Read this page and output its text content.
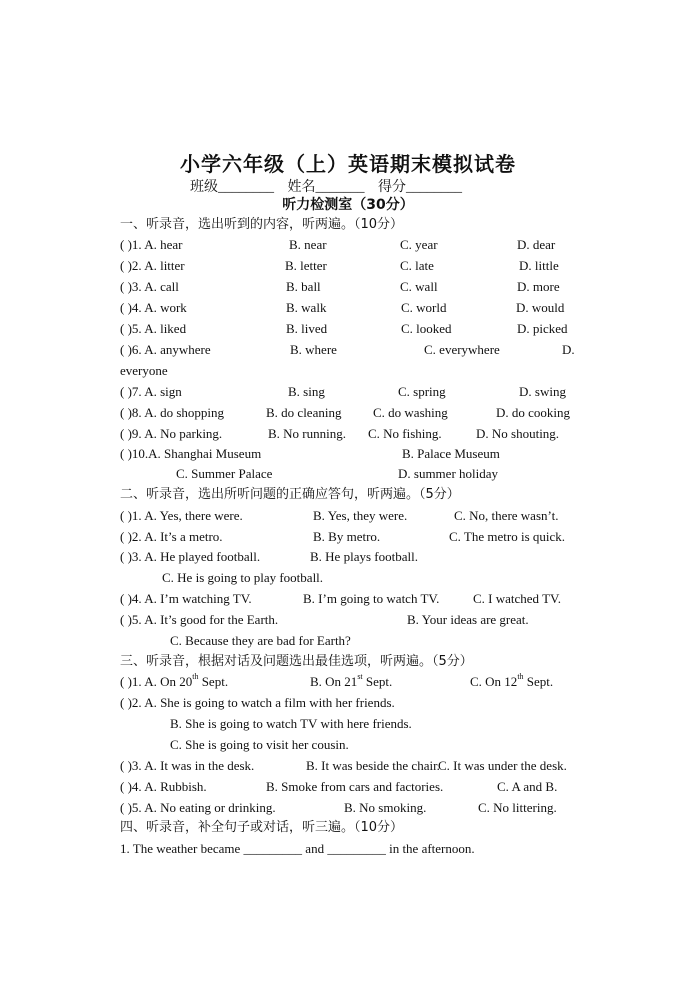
小学六年级（上）英语期末模拟试卷
班级________ 姓名_______ 得分________
听力检测室（30分）
一、听录音，选出听到的内容，听两遍。（10分）
( )1. A. hear	B. near	C. year	D. dear
( )2. A. litter	B. letter	C. late	D. little
( )3. A. call	B. ball	C. wall	D. more
( )4. A. work	B. walk	C. world	D. would
( )5. A. liked	B. lived	C. looked	D. picked
( )6. A. anywhere	B. where	C. everywhere	D.
everyone
( )7. A. sign	B. sing	C. spring	D. swing
( )8. A. do shopping	B. do cleaning C. do washing	D. do cooking
( )9. A. No parking.	B. No running. C. No fishing.	D. No shouting.
( )10.A. Shanghai Museum	B. Palace Museum
C. Summer Palace	D. summer holiday
二、听录音，选出所听问题的正确应答句，听两遍。（5分）
( )1. A. Yes, there were.	B. Yes, they were.	C. No, there wasn’t.
( )2. A. It’s a metro.	B. By metro.	C. The metro is quick.
( )3. A. He played football.	B. He plays football.
C. He is going to play football.
( )4. A. I’m watching TV.	B. I’m going to watch TV.	C. I watched TV.
( )5. A. It’s good for the Earth.	B. Your ideas are great.
C. Because they are bad for Earth?
三、听录音，根据对话及问题选出最佳选项，听两遍。（5分）
( )1. A. On 20th Sept.	B. On 21st Sept.	C. On 12th Sept.
( )2. A. She is going to watch a film with her friends.
B. She is going to watch TV with here friends.
C. She is going to visit her cousin.
( )3. A. It was in the desk.	B. It was beside the chair.
C. It was under the desk.
( )4. A. Rubbish.	B. Smoke from cars and factories.	C. A and B.
( )5. A. No eating or drinking.	B. No smoking.	C. No littering.
四、听录音，补全句子或对话，听三遍。（10分）
1. The weather became _________ and _________ in the afternoon.
